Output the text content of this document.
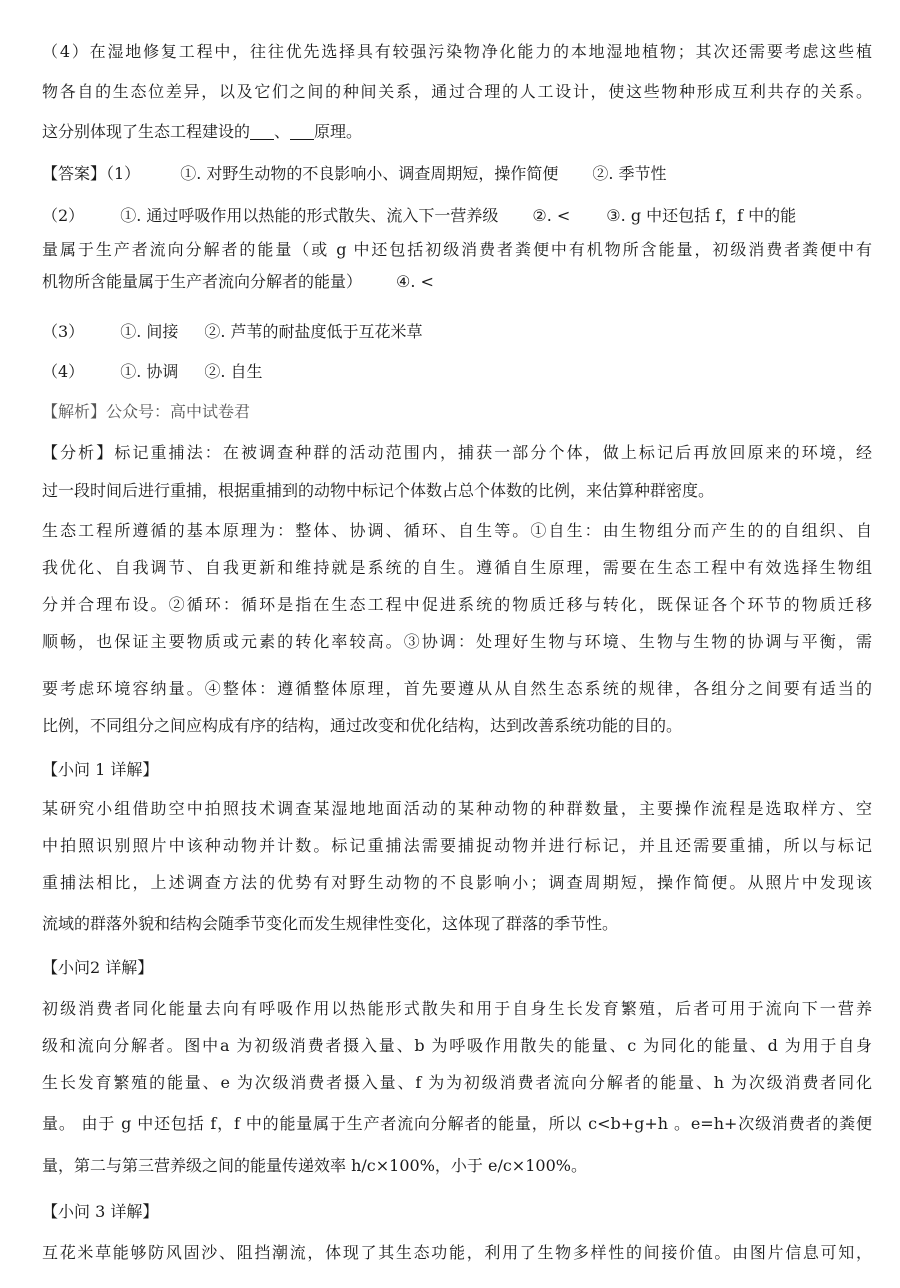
（4）在湿地修复工程中，往往优先选择具有较强污染物净化能力的本地湿地植物；其次还需要考虑这些植
物各自的生态位差异，以及它们之间的种间关系，通过合理的人工设计，使这些物种形成互利共存的关系。
这分别体现了生态工程建设的 、 原理。
【答案】（1）	①. 对野生动物的不良影响小、调查周期短，操作简便 ②. 季节性
（2） ①. 通过呼吸作用以热能的形式散失、流入下一营养级 ②. < ③. g 中还包括 f，f 中的能
量属于生产者流向分解者的能量（或 g 中还包括初级消费者粪便中有机物所含能量，初级消费者粪便中有
机物所含能量属于生产者流向分解者的能量） ④. <
（3） ①. 间接 ②. 芦苇的耐盐度低于互花米草
（4） ①. 协调 ②. 自生
【解析】公众号：高中试卷君
【分析】标记重捕法：在被调查种群的活动范围内，捕获一部分个体，做上标记后再放回原来的环境，经
过一段时间后进行重捕，根据重捕到的动物中标记个体数占总个体数的比例，来估算种群密度。
生态工程所遵循的基本原理为：整体、协调、循环、自生等。①自生：由生物组分而产生的的自组织、自
我优化、自我调节、自我更新和维持就是系统的自生。遵循自生原理，需要在生态工程中有效选择生物组
分并合理布设。②循环：循环是指在生态工程中促进系统的物质迁移与转化，既保证各个环节的物质迁移
顺畅，也保证主要物质或元素的转化率较高。③协调：处理好生物与环境、生物与生物的协调与平衡，需
要考虑环境容纳量。④整体：遵循整体原理，首先要遵从从自然生态系统的规律，各组分之间要有适当的
比例，不同组分之间应构成有序的结构，通过改变和优化结构，达到改善系统功能的目的。
【小问 1 详解】
某研究小组借助空中拍照技术调查某湿地地面活动的某种动物的种群数量，主要操作流程是选取样方、空
中拍照识别照片中该种动物并计数。标记重捕法需要捕捉动物并进行标记，并且还需要重捕，所以与标记
重捕法相比，上述调查方法的优势有对野生动物的不良影响小；调查周期短，操作简便。从照片中发现该
流域的群落外貌和结构会随季节变化而发生规律性变化，这体现了群落的季节性。
【小问2 详解】
初级消费者同化能量去向有呼吸作用以热能形式散失和用于自身生长发育繁殖，后者可用于流向下一营养
级和流向分解者。图中a 为初级消费者摄入量、b 为呼吸作用散失的能量、c 为同化的能量、d 为用于自身
生长发育繁殖的能量、e 为次级消费者摄入量、f 为为初级消费者流向分解者的能量、h 为次级消费者同化
量。 由于 g 中还包括 f，f 中的能量属于生产者流向分解者的能量，所以 c<b+g+h 。e=h+次级消费者的粪便
量，第二与第三营养级之间的能量传递效率 h/c×100%，小于 e/c×100%。
【小问 3 详解】
互花米草能够防风固沙、阻挡潮流，体现了其生态功能，利用了生物多样性的间接价值。由图片信息可知，
